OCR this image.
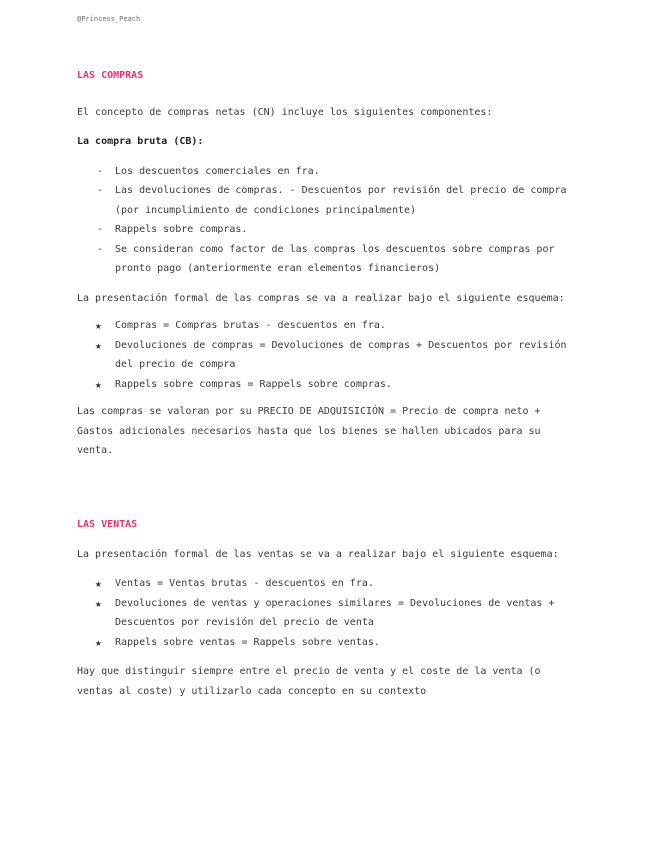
@Princess_Peach

LAS COMPRAS

El concepto de compras netas (CN) incluye los siguientes componentes:

La compra bruta (CB):

- Los descuentos comerciales en fra.
- Las devoluciones de compras. - Descuentos por revisión del precio de compra (por incumplimiento de condiciones principalmente)
- Rappels sobre compras.
- Se consideran como factor de las compras los descuentos sobre compras por pronto pago (anteriormente eran elementos financieros)

La presentación formal de las compras se va a realizar bajo el siguiente esquema:

★ Compras = Compras brutas - descuentos en fra.
★ Devoluciones de compras = Devoluciones de compras + Descuentos por revisión del precio de compra
★ Rappels sobre compras = Rappels sobre compras.

Las compras se valoran por su PRECIO DE ADQUISICIÓN = Precio de compra neto + Gastos adicionales necesarios hasta que los bienes se hallen ubicados para su venta.

LAS VENTAS

La presentación formal de las ventas se va a realizar bajo el siguiente esquema:

★ Ventas = Ventas brutas - descuentos en fra.
★ Devoluciones de ventas y operaciones similares = Devoluciones de ventas + Descuentos por revisión del precio de venta
★ Rappels sobre ventas = Rappels sobre ventas.

Hay que distinguir siempre entre el precio de venta y el coste de la venta (o ventas al coste) y utilizarlo cada concepto en su contexto
